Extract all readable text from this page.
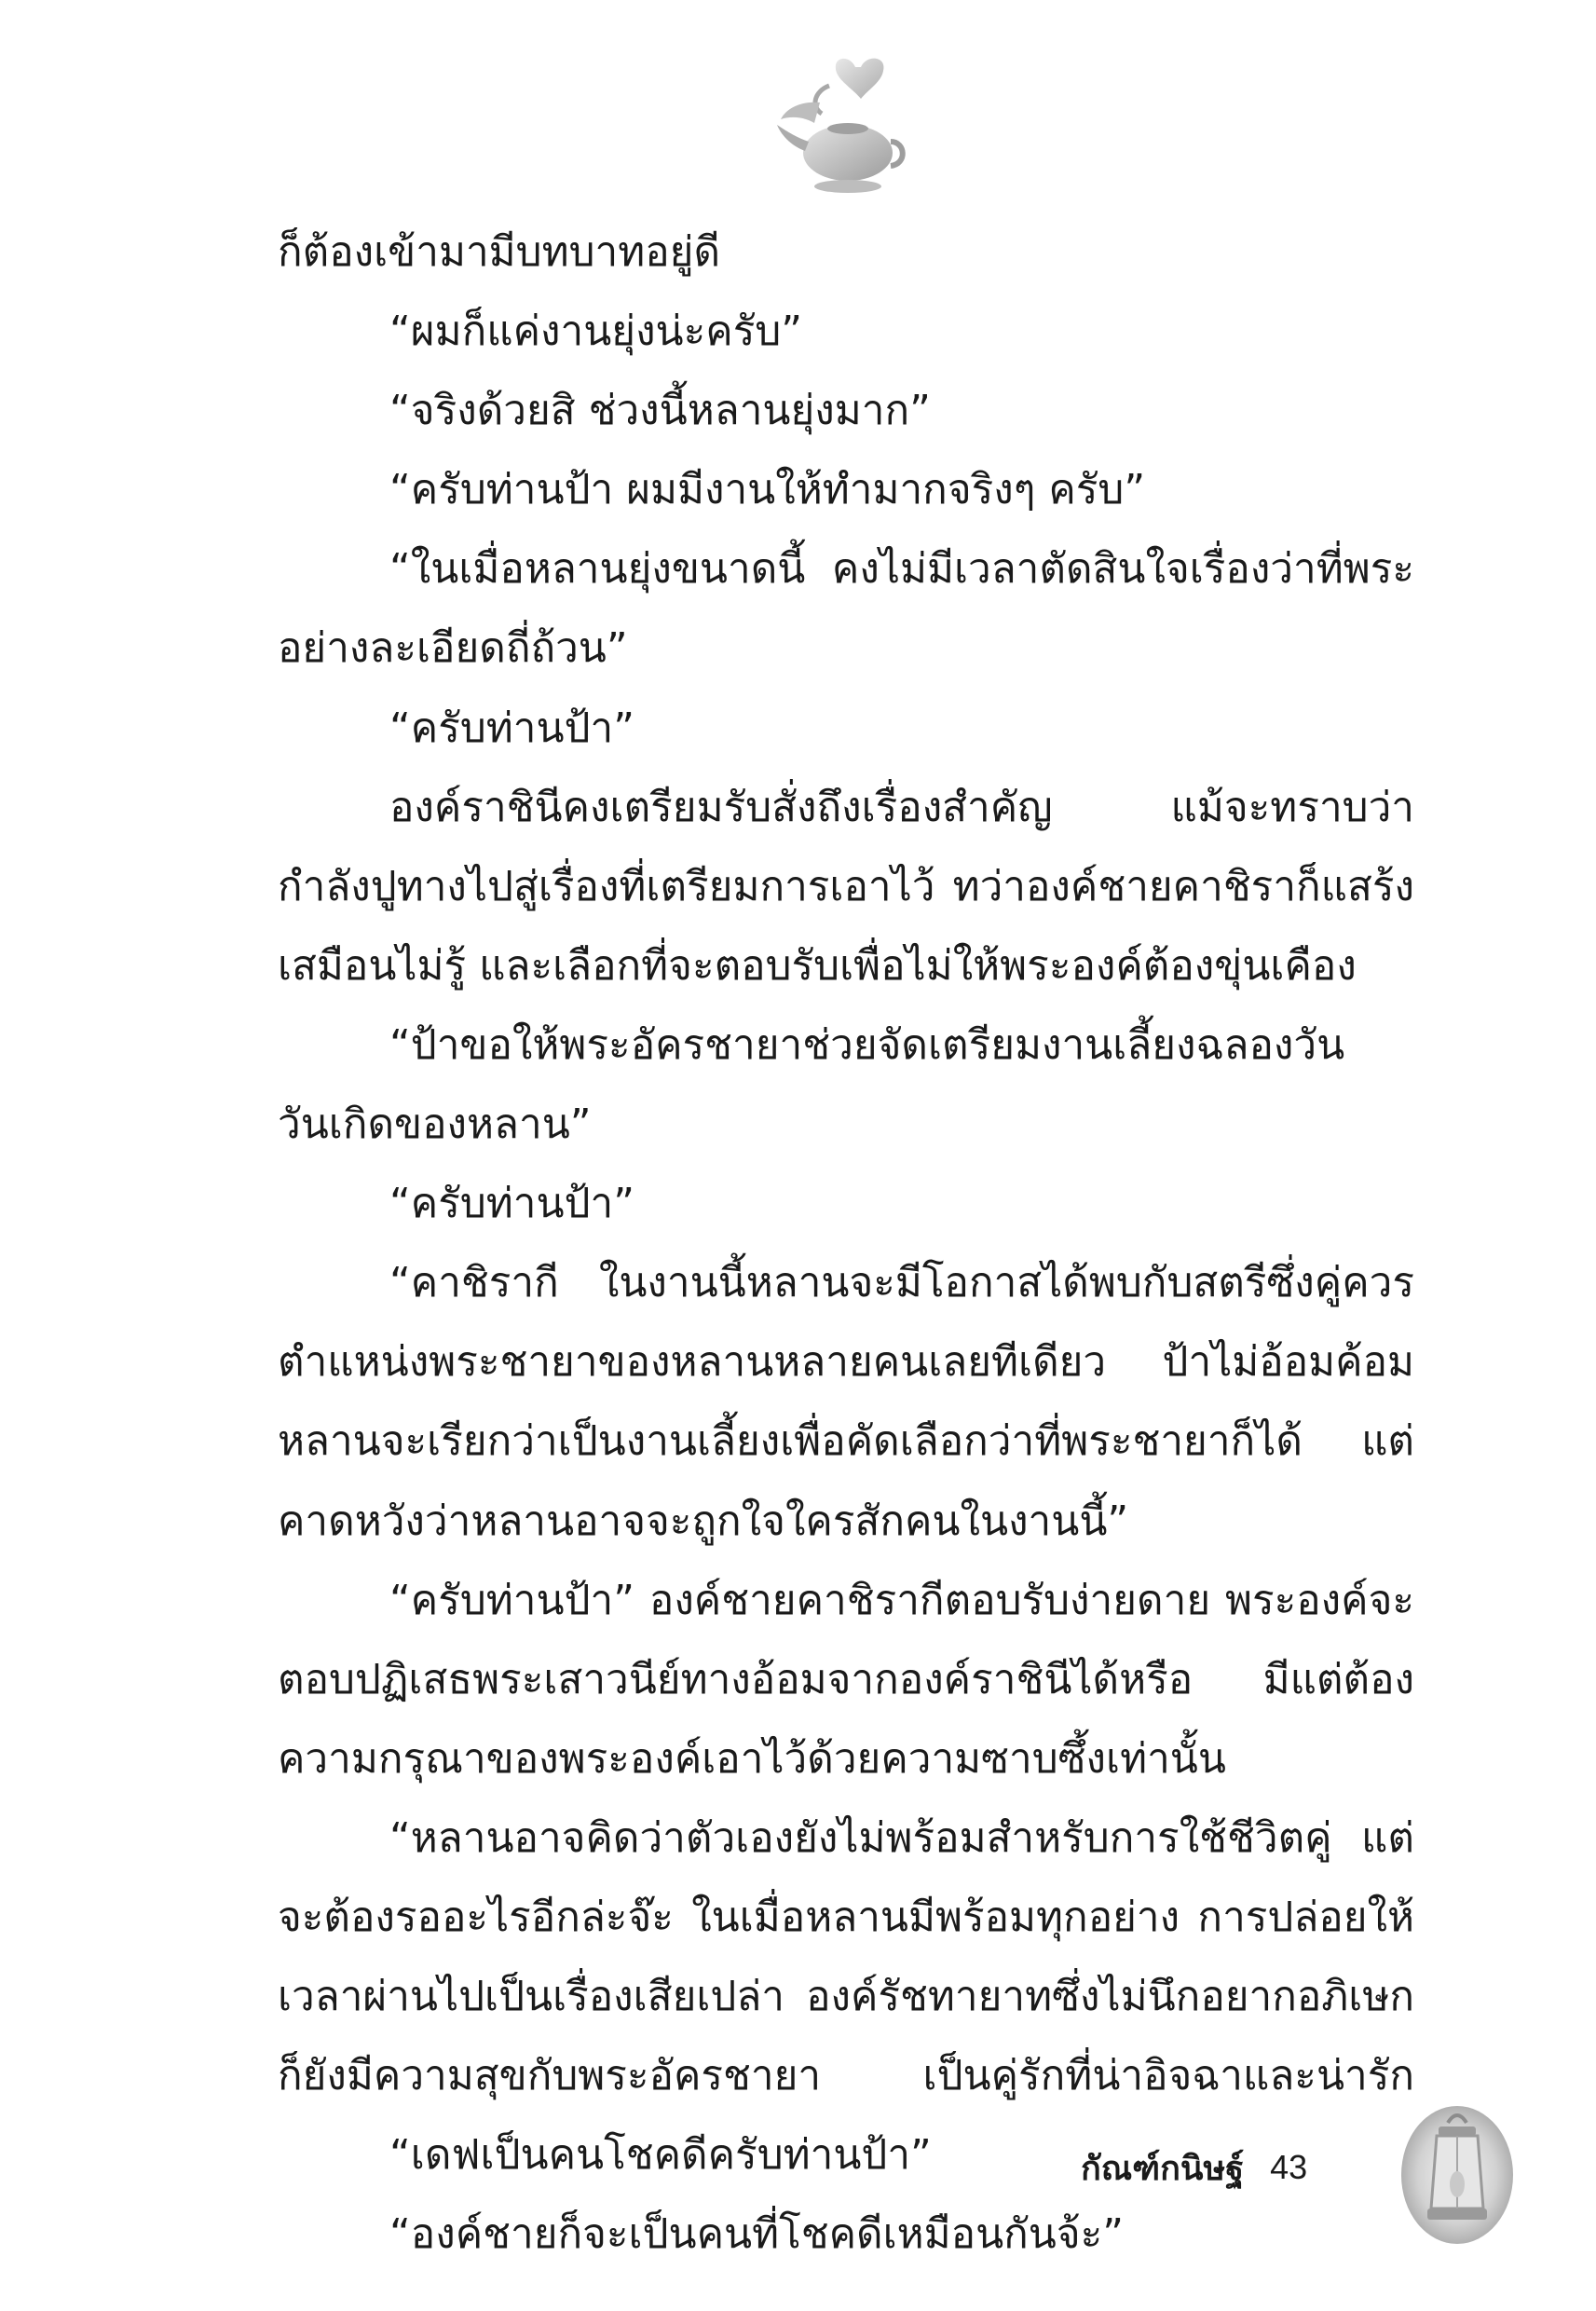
ก็ต้องเข้ามามีบทบาทอยู่ดี
“ผมก็แค่งานยุ่งน่ะครับ”
“จริงด้วยสิ ช่วงนี้หลานยุ่งมาก”
“ครับท่านป้า ผมมีงานให้ทำมากจริงๆ ครับ”
“ในเมื่อหลานยุ่งขนาดนี้ คงไม่มีเวลาตัดสินใจเรื่องว่าที่พระ
อย่างละเอียดถี่ถ้วน”
“ครับท่านป้า”
องค์ราชินีคงเตรียมรับสั่งถึงเรื่องสำคัญ แม้จะทราบว่า
กำลังปูทางไปสู่เรื่องที่เตรียมการเอาไว้ ทว่าองค์ชายคาชิราก็แสร้ง
เสมือนไม่รู้ และเลือกที่จะตอบรับเพื่อไม่ให้พระองค์ต้องขุ่นเคือง
“ป้าขอให้พระอัครชายาช่วยจัดเตรียมงานเลี้ยงฉลองวัน
วันเกิดของหลาน”
“ครับท่านป้า”
“คาชิรากี ในงานนี้หลานจะมีโอกาสได้พบกับสตรีซึ่งคู่ควร
ตำแหน่งพระชายาของหลานหลายคนเลยทีเดียว ป้าไม่อ้อมค้อม
หลานจะเรียกว่าเป็นงานเลี้ยงเพื่อคัดเลือกว่าที่พระชายาก็ได้ แต่
คาดหวังว่าหลานอาจจะถูกใจใครสักคนในงานนี้”
“ครับท่านป้า” องค์ชายคาชิรากีตอบรับง่ายดาย พระองค์จะ
ตอบปฏิเสธพระเสาวนีย์ทางอ้อมจากองค์ราชินีได้หรือ มีแต่ต้อง
ความกรุณาของพระองค์เอาไว้ด้วยความซาบซึ้งเท่านั้น
“หลานอาจคิดว่าตัวเองยังไม่พร้อมสำหรับการใช้ชีวิตคู่ แต่
จะต้องรออะไรอีกล่ะจ๊ะ ในเมื่อหลานมีพร้อมทุกอย่าง การปล่อยให้
เวลาผ่านไปเป็นเรื่องเสียเปล่า องค์รัชทายาทซึ่งไม่นึกอยากอภิเษก
ก็ยังมีความสุขกับพระอัครชายา เป็นคู่รักที่น่าอิจฉาและน่ารัก
“เดฟเป็นคนโชคดีครับท่านป้า”
“องค์ชายก็จะเป็นคนที่โชคดีเหมือนกันจ้ะ”
กัณฑ์กนิษฐ์ 43
